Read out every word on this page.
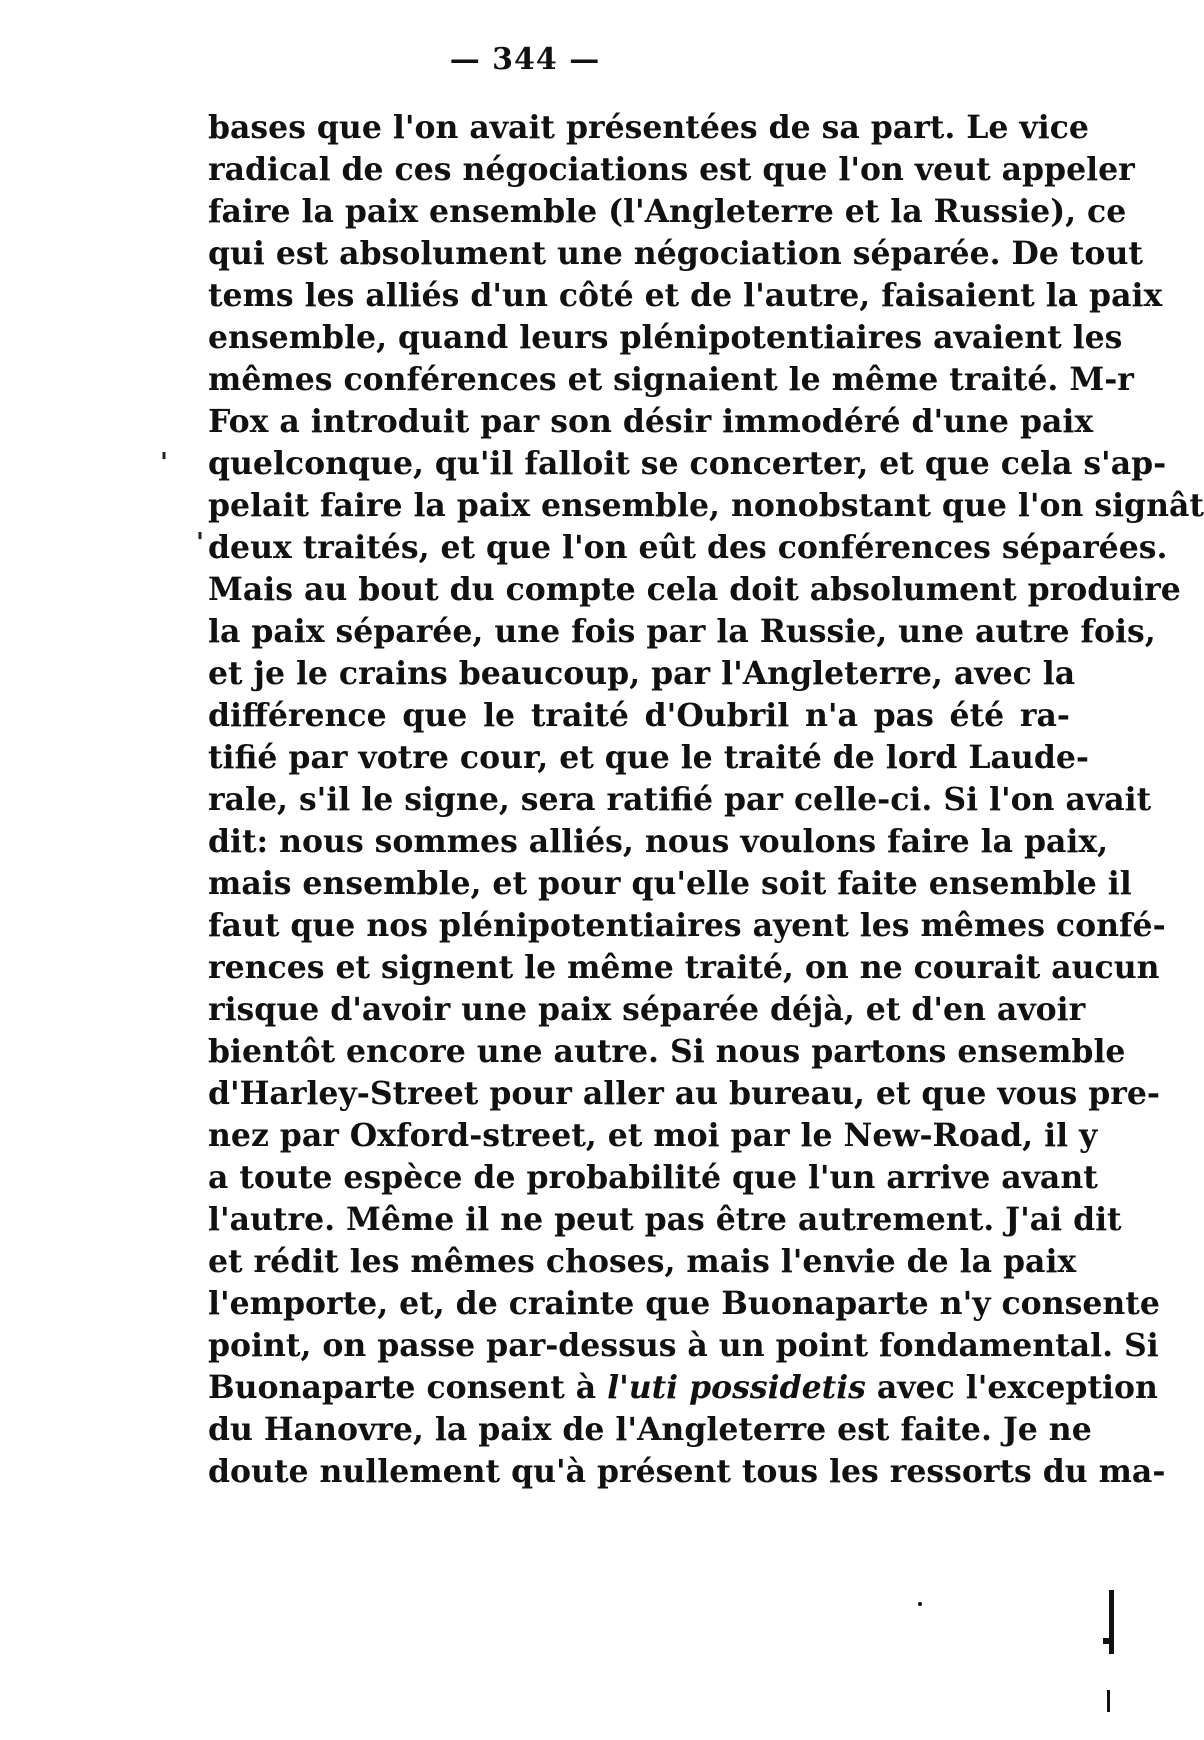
— 344 —
'
'
bases que l'on avait présentées de sa part. Le vice
radical de ces négociations est que l'on veut appeler
faire la paix ensemble (l'Angleterre et la Russie), ce
qui est absolument une négociation séparée. De tout
tems les alliés d'un côté et de l'autre, faisaient la paix
ensemble, quand leurs plénipotentiaires avaient les
mêmes conférences et signaient le même traité. M-r
Fox a introduit par son désir immodéré d'une paix
quelconque, qu'il falloit se concerter, et que cela s'ap-
pelait faire la paix ensemble, nonobstant que l'on signât
deux traités, et que l'on eût des conférences séparées.
Mais au bout du compte cela doit absolument produire
la paix séparée, une fois par la Russie, une autre fois,
et je le crains beaucoup, par l'Angleterre, avec la
différence que le traité d'Oubril n'a pas été ra-
tifié par votre cour, et que le traité de lord Laude-
rale, s'il le signe, sera ratifié par celle-ci. Si l'on avait
dit: nous sommes alliés, nous voulons faire la paix,
mais ensemble, et pour qu'elle soit faite ensemble il
faut que nos plénipotentiaires ayent les mêmes confé-
rences et signent le même traité, on ne courait aucun
risque d'avoir une paix séparée déjà, et d'en avoir
bientôt encore une autre. Si nous partons ensemble
d'Harley-Street pour aller au bureau, et que vous pre-
nez par Oxford-street, et moi par le New-Road, il y
a toute espèce de probabilité que l'un arrive avant
l'autre. Même il ne peut pas être autrement. J'ai dit
et rédit les mêmes choses, mais l'envie de la paix
l'emporte, et, de crainte que Buonaparte n'y consente
point, on passe par-dessus à un point fondamental. Si
Buonaparte consent à l'uti possidetis avec l'exception
du Hanovre, la paix de l'Angleterre est faite. Je ne
doute nullement qu'à présent tous les ressorts du ma-
